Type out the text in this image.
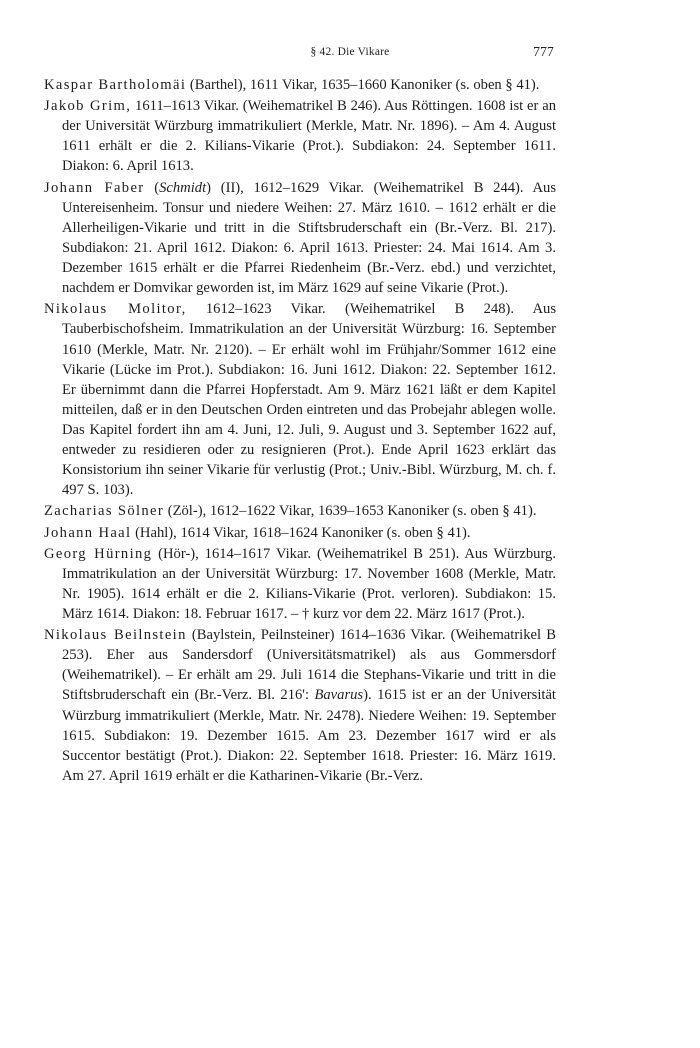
§ 42. Die Vikare	777

Kaspar Bartholomäi (Barthel), 1611 Vikar, 1635–1660 Kanoniker (s. oben § 41).

Jakob Grim, 1611–1613 Vikar. (Weihematrikel B 246). Aus Röttingen. 1608 ist er an der Universität Würzburg immatrikuliert (Merkle, Matr. Nr. 1896). – Am 4. August 1611 erhält er die 2. Kilians-Vikarie (Prot.). Subdiakon: 24. September 1611. Diakon: 6. April 1613.

Johann Faber (Schmidt) (II), 1612–1629 Vikar. (Weihematrikel B 244). Aus Untereisenheim. Tonsur und niedere Weihen: 27. März 1610. – 1612 erhält er die Allerheiligen-Vikarie und tritt in die Stiftsbruderschaft ein (Br.-Verz. Bl. 217). Subdiakon: 21. April 1612. Diakon: 6. April 1613. Priester: 24. Mai 1614. Am 3. Dezember 1615 erhält er die Pfarrei Riedenheim (Br.-Verz. ebd.) und verzichtet, nachdem er Domvikar geworden ist, im März 1629 auf seine Vikarie (Prot.).

Nikolaus Molitor, 1612–1623 Vikar. (Weihematrikel B 248). Aus Tauberbischofsheim. Immatrikulation an der Universität Würzburg: 16. September 1610 (Merkle, Matr. Nr. 2120). – Er erhält wohl im Frühjahr/Sommer 1612 eine Vikarie (Lücke im Prot.). Subdiakon: 16. Juni 1612. Diakon: 22. September 1612. Er übernimmt dann die Pfarrei Hopferstadt. Am 9. März 1621 läßt er dem Kapitel mitteilen, daß er in den Deutschen Orden eintreten und das Probejahr ablegen wolle. Das Kapitel fordert ihn am 4. Juni, 12. Juli, 9. August und 3. September 1622 auf, entweder zu residieren oder zu resignieren (Prot.). Ende April 1623 erklärt das Konsistorium ihn seiner Vikarie für verlustig (Prot.; Univ.-Bibl. Würzburg, M. ch. f. 497 S. 103).

Zacharias Sölner (Zöl-), 1612–1622 Vikar, 1639–1653 Kanoniker (s. oben § 41).

Johann Haal (Hahl), 1614 Vikar, 1618–1624 Kanoniker (s. oben § 41).

Georg Hürning (Hör-), 1614–1617 Vikar. (Weihematrikel B 251). Aus Würzburg. Immatrikulation an der Universität Würzburg: 17. November 1608 (Merkle, Matr. Nr. 1905). 1614 erhält er die 2. Kilians-Vikarie (Prot. verloren). Subdiakon: 15. März 1614. Diakon: 18. Februar 1617. – † kurz vor dem 22. März 1617 (Prot.).

Nikolaus Beilnstein (Baylstein, Peilnsteiner) 1614–1636 Vikar. (Weihematrikel B 253). Eher aus Sandersdorf (Universitätsmatrikel) als aus Gommersdorf (Weihematrikel). – Er erhält am 29. Juli 1614 die Stephans-Vikarie und tritt in die Stiftsbruderschaft ein (Br.-Verz. Bl. 216': Bavarus). 1615 ist er an der Universität Würzburg immatrikuliert (Merkle, Matr. Nr. 2478). Niedere Weihen: 19. September 1615. Subdiakon: 19. Dezember 1615. Am 23. Dezember 1617 wird er als Succentor bestätigt (Prot.). Diakon: 22. September 1618. Priester: 16. März 1619. Am 27. April 1619 erhält er die Katharinen-Vikarie (Br.-Verz.
